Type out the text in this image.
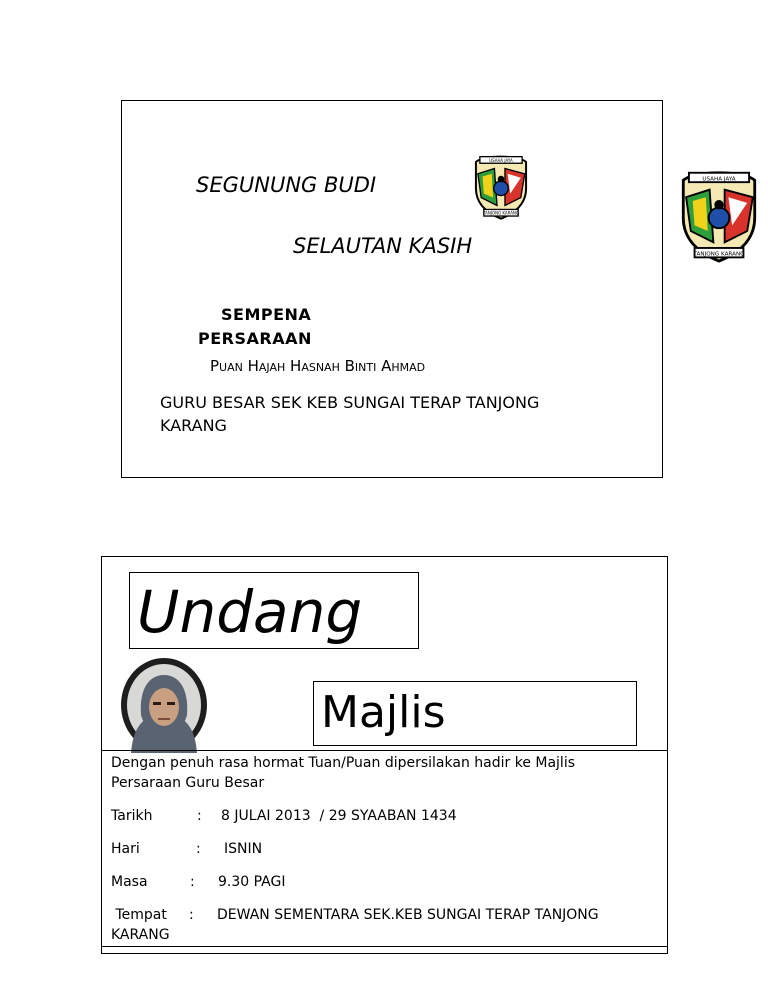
SEGUNUNG BUDI
SELAUTAN KASIH
SEMPENA
PERSARAAN
Puan Hajah Hasnah Binti Ahmad
GURU BESAR SEK KEB SUNGAI TERAP TANJONG
KARANG
USAHA JAYA
TANJONG KARANG
USAHA JAYA
TANJONG KARANG
Undang
Majlis
Dengan penuh rasa hormat Tuan/Puan dipersilakan hadir ke Majlis
Persaraan Guru Besar
Tarikh	: 8 JULAI 2013  / 29 SYAABAN 1434
Hari	: ISNIN
Masa	: 9.30 PAGI
Tempat : DEWAN SEMENTARA SEK.KEB SUNGAI TERAP TANJONG
KARANG
